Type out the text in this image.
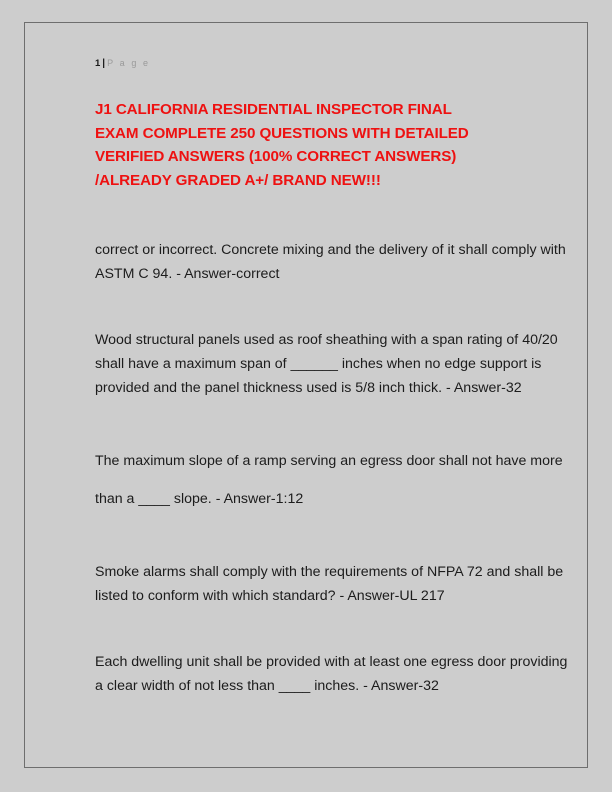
1 | P a g e
J1 CALIFORNIA RESIDENTIAL INSPECTOR FINAL
EXAM COMPLETE 250 QUESTIONS WITH DETAILED
VERIFIED ANSWERS (100% CORRECT ANSWERS)
/ALREADY GRADED A+/ BRAND NEW!!!

correct or incorrect. Concrete mixing and the delivery of it shall comply with ASTM C 94. - Answer-correct

Wood structural panels used as roof sheathing with a span rating of 40/20 shall have a maximum span of ______ inches when no edge support is provided and the panel thickness used is 5/8 inch thick. - Answer-32

The maximum slope of a ramp serving an egress door shall not have more than a ____ slope. - Answer-1:12

Smoke alarms shall comply with the requirements of NFPA 72 and shall be listed to conform with which standard? - Answer-UL 217

Each dwelling unit shall be provided with at least one egress door providing a clear width of not less than ____ inches. - Answer-32
